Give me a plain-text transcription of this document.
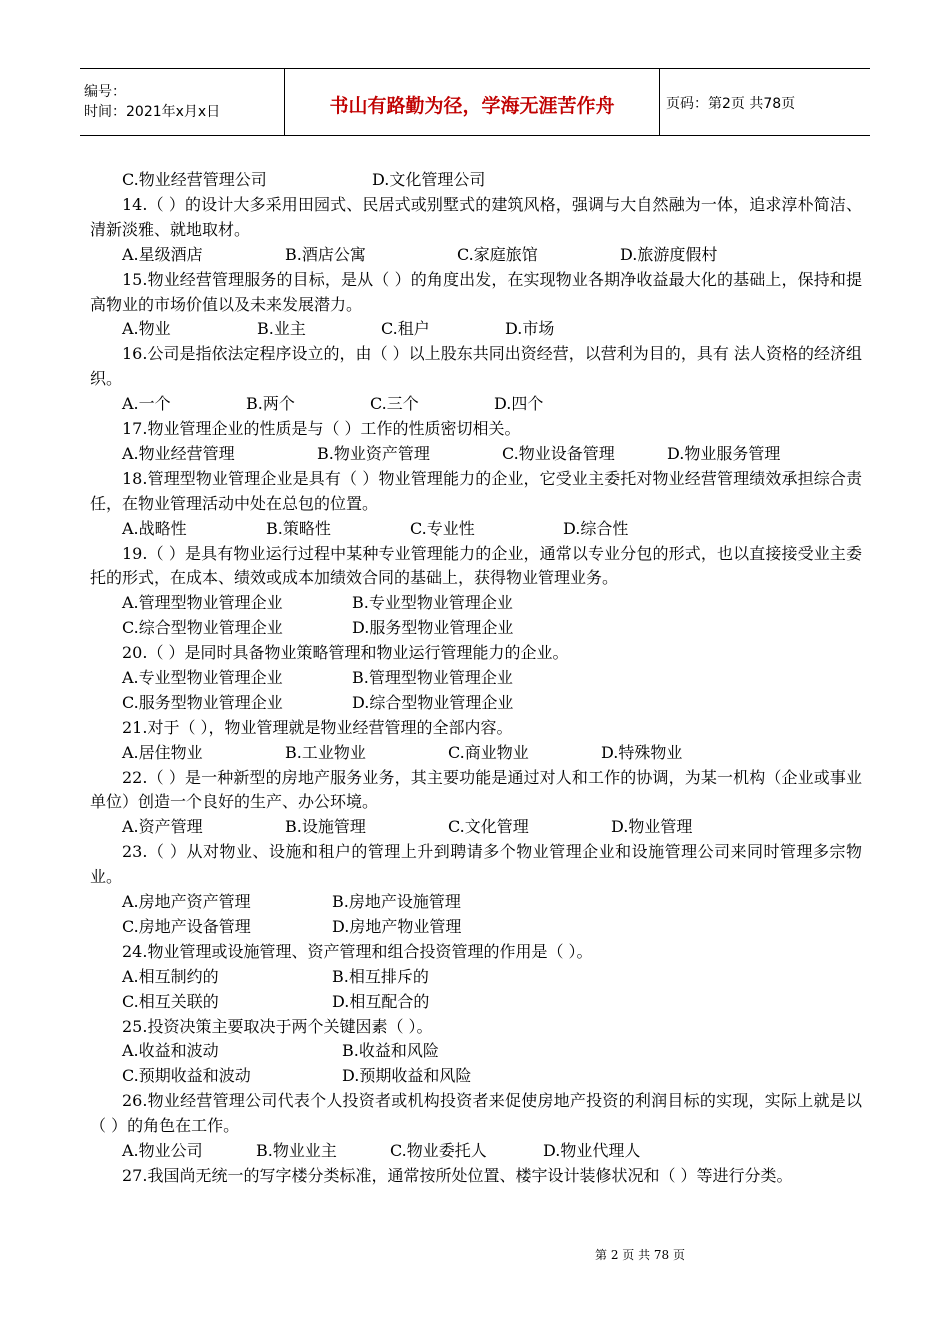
编号：
时间：2021年x月x日	书山有路勤为径，学海无涯苦作舟	页码：第2页 共78页
C.物业经营管理公司	D.文化管理公司

14.（ ）的设计大多采用田园式、民居式或别墅式的建筑风格，强调与大自然融为一体，追求淳朴简洁、清新淡雅、就地取材。

A.星级酒店	B.酒店公寓	C.家庭旅馆	D.旅游度假村

15.物业经营管理服务的目标，是从（ ）的角度出发，在实现物业各期净收益最大化的基础上，保持和提高物业的市场价值以及未来发展潜力。

A.物业	B.业主	C.租户	D.市场

16.公司是指依法定程序设立的，由（ ）以上股东共同出资经营，以营利为目的，具有 法人资格的经济组织。

A.一个	B.两个	C.三个	D.四个

17.物业管理企业的性质是与（ ）工作的性质密切相关。

A.物业经营管理	B.物业资产管理	C.物业设备管理	D.物业服务管理

18.管理型物业管理企业是具有（ ）物业管理能力的企业，它受业主委托对物业经营管理绩效承担综合责任，在物业管理活动中处在总包的位置。

A.战略性	B.策略性	C.专业性	D.综合性

19.（ ）是具有物业运行过程中某种专业管理能力的企业，通常以专业分包的形式，也以直接接受业主委托的形式，在成本、绩效或成本加绩效合同的基础上，获得物业管理业务。

A.管理型物业管理企业	B.专业型物业管理企业
C.综合型物业管理企业	D.服务型物业管理企业

20.（ ）是同时具备物业策略管理和物业运行管理能力的企业。

A.专业型物业管理企业	B.管理型物业管理企业
C.服务型物业管理企业	D.综合型物业管理企业

21.对于（ ），物业管理就是物业经营管理的全部内容。

A.居住物业	B.工业物业	C.商业物业	D.特殊物业

22.（ ）是一种新型的房地产服务业务，其主要功能是通过对人和工作的协调，为某一机构（企业或事业单位）创造一个良好的生产、办公环境。

A.资产管理	B.设施管理	C.文化管理	D.物业管理

23.（ ）从对物业、设施和租户的管理上升到聘请多个物业管理企业和设施管理公司来同时管理多宗物业。

A.房地产资产管理	B.房地产设施管理
C.房地产设备管理	D.房地产物业管理

24.物业管理或设施管理、资产管理和组合投资管理的作用是（ ）。

A.相互制约的	B.相互排斥的
C.相互关联的	D.相互配合的

25.投资决策主要取决于两个关键因素（ ）。

A.收益和波动	B.收益和风险
C.预期收益和波动	D.预期收益和风险

26.物业经营管理公司代表个人投资者或机构投资者来促使房地产投资的利润目标的实现，实际上就是以（ ）的角色在工作。

A.物业公司	B.物业业主	C.物业委托人	D.物业代理人

27.我国尚无统一的写字楼分类标准，通常按所处位置、楼宇设计装修状况和（ ）等进行分类。

第 2 页 共 78 页
